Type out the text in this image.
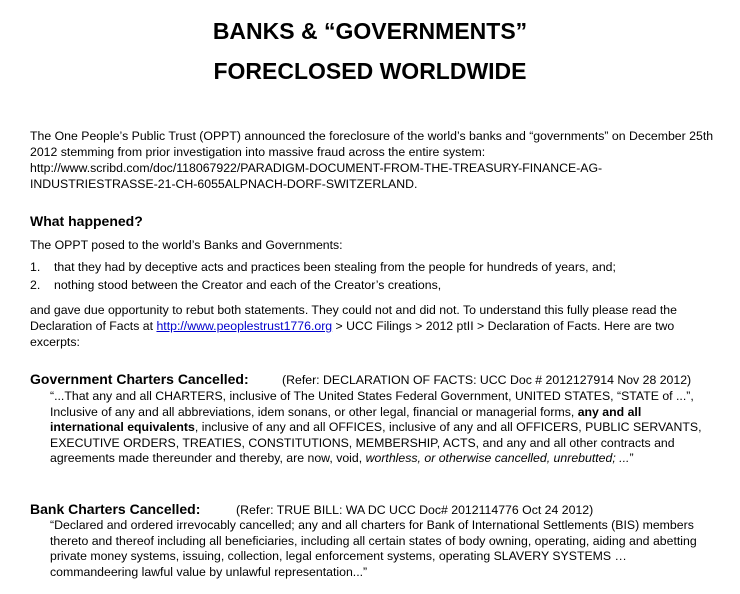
BANKS & “GOVERNMENTS”
FORECLOSED WORLDWIDE

The One People’s Public Trust (OPPT) announced the foreclosure of the world’s banks and “governments” on December 25th 2012 stemming from prior investigation into massive fraud across the entire system: http://www.scribd.com/doc/118067922/PARADIGM-DOCUMENT-FROM-THE-TREASURY-FINANCE-AG-INDUSTRIESTRASSE-21-CH-6055ALPNACH-DORF-SWITZERLAND.

What happened?

The OPPT posed to the world’s Banks and Governments:

1. that they had by deceptive acts and practices been stealing from the people for hundreds of years, and;
2. nothing stood between the Creator and each of the Creator’s creations,

and gave due opportunity to rebut both statements. They could not and did not. To understand this fully please read the Declaration of Facts at http://www.peoplestrust1776.org > UCC Filings > 2012 ptII > Declaration of Facts. Here are two excerpts:

Government Charters Cancelled:	(Refer: DECLARATION OF FACTS: UCC Doc # 2012127914 Nov 28 2012)

“...That any and all CHARTERS, inclusive of The United States Federal Government, UNITED STATES, “STATE of ...”, Inclusive of any and all abbreviations, idem sonans, or other legal, financial or managerial forms, any and all international equivalents, inclusive of any and all OFFICES, inclusive of any and all OFFICERS, PUBLIC SERVANTS, EXECUTIVE ORDERS, TREATIES, CONSTITUTIONS, MEMBERSHIP, ACTS, and any and all other contracts and agreements made thereunder and thereby, are now, void, worthless, or otherwise cancelled, unrebutted; ...”

Bank Charters Cancelled:	(Refer: TRUE BILL: WA DC UCC Doc# 2012114776 Oct 24 2012)

“Declared and ordered irrevocably cancelled; any and all charters for Bank of International Settlements (BIS) members thereto and thereof including all beneficiaries, including all certain states of body owning, operating, aiding and abetting private money systems, issuing, collection, legal enforcement systems, operating SLAVERY SYSTEMS …commandeering lawful value by unlawful representation...”
